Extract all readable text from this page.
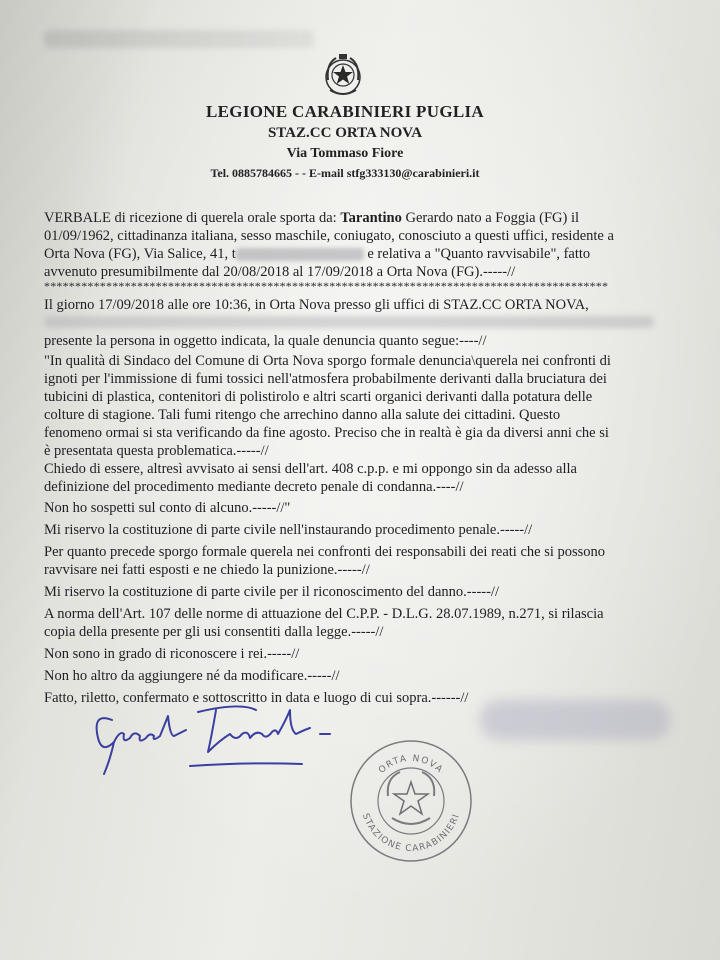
LEGIONE CARABINIERI PUGLIA
STAZ.CC ORTA NOVA
Via Tommaso Fiore
Tel. 0885784665 - - E-mail stfg333130@carabinieri.it
VERBALE di ricezione di querela orale sporta da: Tarantino Gerardo nato a Foggia (FG) il
01/09/1962, cittadinanza italiana, sesso maschile, coniugato, conosciuto a questi uffici, residente a
Orta Nova (FG), Via Salice, 41, t	e relativa a "Quanto ravvisabile", fatto
avvenuto presumibilmente dal 20/08/2018 al 17/09/2018 a Orta Nova (FG).-----//
*******************************************************************************************
Il giorno 17/09/2018 alle ore 10:36, in Orta Nova presso gli uffici di STAZ.CC ORTA NOVA,
presente la persona in oggetto indicata, la quale denuncia quanto segue:----//
"In qualità di Sindaco del Comune di Orta Nova sporgo formale denuncia\querela nei confronti di
ignoti per l'immissione di fumi tossici nell'atmosfera probabilmente derivanti dalla bruciatura dei
tubicini di plastica, contenitori di polistirolo e altri scarti organici derivanti dalla potatura delle
colture di stagione. Tali fumi ritengo che arrechino danno alla salute dei cittadini. Questo
fenomeno ormai si sta verificando da fine agosto. Preciso che in realtà è gia da diversi anni che si
è presentata questa problematica.-----//
Chiedo di essere, altresì avvisato ai sensi dell'art. 408 c.p.p. e mi oppongo sin da adesso alla
definizione del procedimento mediante decreto penale di condanna.----//
Non ho sospetti sul conto di alcuno.-----//"
Mi riservo la costituzione di parte civile nell'instaurando procedimento penale.-----//
Per quanto precede sporgo formale querela nei confronti dei responsabili dei reati che si possono
ravvisare nei fatti esposti e ne chiedo la punizione.-----//
Mi riservo la costituzione di parte civile per il riconoscimento del danno.-----//
A norma dell'Art. 107 delle norme di attuazione del C.P.P. - D.L.G. 28.07.1989, n.271, si rilascia
copia della presente per gli usi consentiti dalla legge.-----//
Non sono in grado di riconoscere i rei.-----//
Non ho altro da aggiungere né da modificare.-----//
Fatto, riletto, confermato e sottoscritto in data e luogo di cui sopra.------//
ORTA NOVA
STAZIONE CARABINIERI
